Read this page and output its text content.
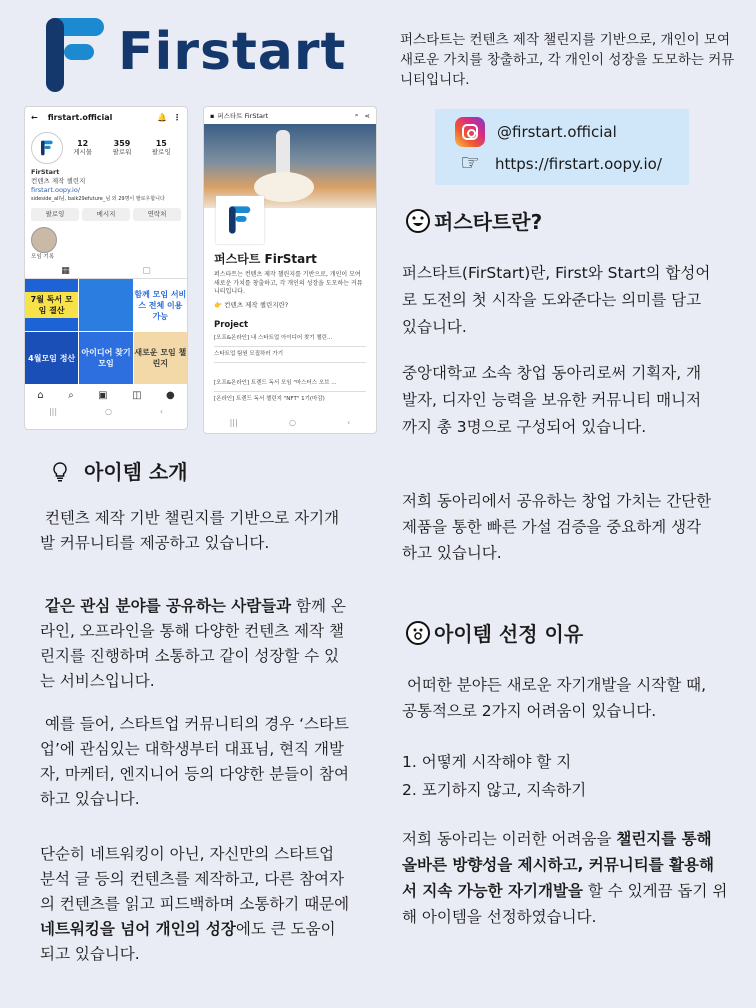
Firstart	퍼스타트는 컨텐츠 제작 챌린지를 기반으로, 개인이 모여 새로운 가치를 창출하고, 각 개인이 성장을 도모하는 커뮤니티입니다.
@firstart.official
☞	https://firstart.oopy.io/
← firstart.official	🔔 ⋮
12
게시물
359
팔로워
15
팔로잉
FirStart
컨텐츠 제작 챌린지
firstart.oopy.io/
sideside_all님, baik29efuture_님 외 29명이 팔로우합니다
팔로잉	메시지	연락처
모임 기록
▦	▢
7월 독서 모임 결산
함께 모임 서비스 전체 이용 가능
4월모임 정산
아이디어 찾기 모임
새로운 모임 챌린지
⌂ ⌕ ▣ ◫ ●
|||	○	‹
▪ 퍼스타트 FirStart	⌕ ⋖
퍼스타트 FirStart
퍼스타트는 컨텐츠 제작 챌린지를 기반으로, 개인이 모여 새로운 가치를 창출하고, 각 개인의 성장을 도모하는 커뮤니티입니다.
👉 컨텐츠 제작 챌린지란?
Project
[오프&온라인] 내 스타트업 아이디어 찾기 챌린...
스타트업 팀원 모집하러 가기
[오프&온라인] 트렌드 독서 모임 "마스터스 오브 ...
[온라인] 트렌드 독서 챌린지 "NFT" 1기(마감)
|||	○	‹
아이템 소개
컨텐츠 제작 기반 챌린지를 기반으로 자기개발 커뮤니티를 제공하고 있습니다.
같은 관심 분야를 공유하는 사람들과 함께 온라인, 오프라인을 통해 다양한 컨텐츠 제작 챌린지를 진행하며 소통하고 같이 성장할 수 있는 서비스입니다.
예를 들어, 스타트업 커뮤니티의 경우 ‘스타트업’에 관심있는 대학생부터 대표님, 현직 개발자, 마케터, 엔지니어 등의 다양한 분들이 참여하고 있습니다.
단순히 네트워킹이 아닌, 자신만의 스타트업 분석 글 등의 컨텐츠를 제작하고, 다른 참여자의 컨텐츠를 읽고 피드백하며 소통하기 때문에 네트워킹을 넘어 개인의 성장에도 큰 도움이 되고 있습니다.
퍼스타트란?
퍼스타트(FirStart)란, First와 Start의 합성어로 도전의 첫 시작을 도와준다는 의미를 담고 있습니다.
중앙대학교 소속 창업 동아리로써 기획자, 개발자, 디자인 능력을 보유한 커뮤니티 매니저까지 총 3명으로 구성되어 있습니다.
저희 동아리에서 공유하는 창업 가치는 간단한 제품을 통한 빠른 가설 검증을 중요하게 생각하고 있습니다.
아이템 선정 이유
어떠한 분야든 새로운 자기개발을 시작할 때, 공통적으로 2가지 어려움이 있습니다.
1. 어떻게 시작해야 할 지
2. 포기하지 않고, 지속하기
저희 동아리는 이러한 어려움을 챌린지를 통해 올바른 방향성을 제시하고, 커뮤니티를 활용해서 지속 가능한 자기개발을 할 수 있게끔 돕기 위해 아이템을 선정하였습니다.
